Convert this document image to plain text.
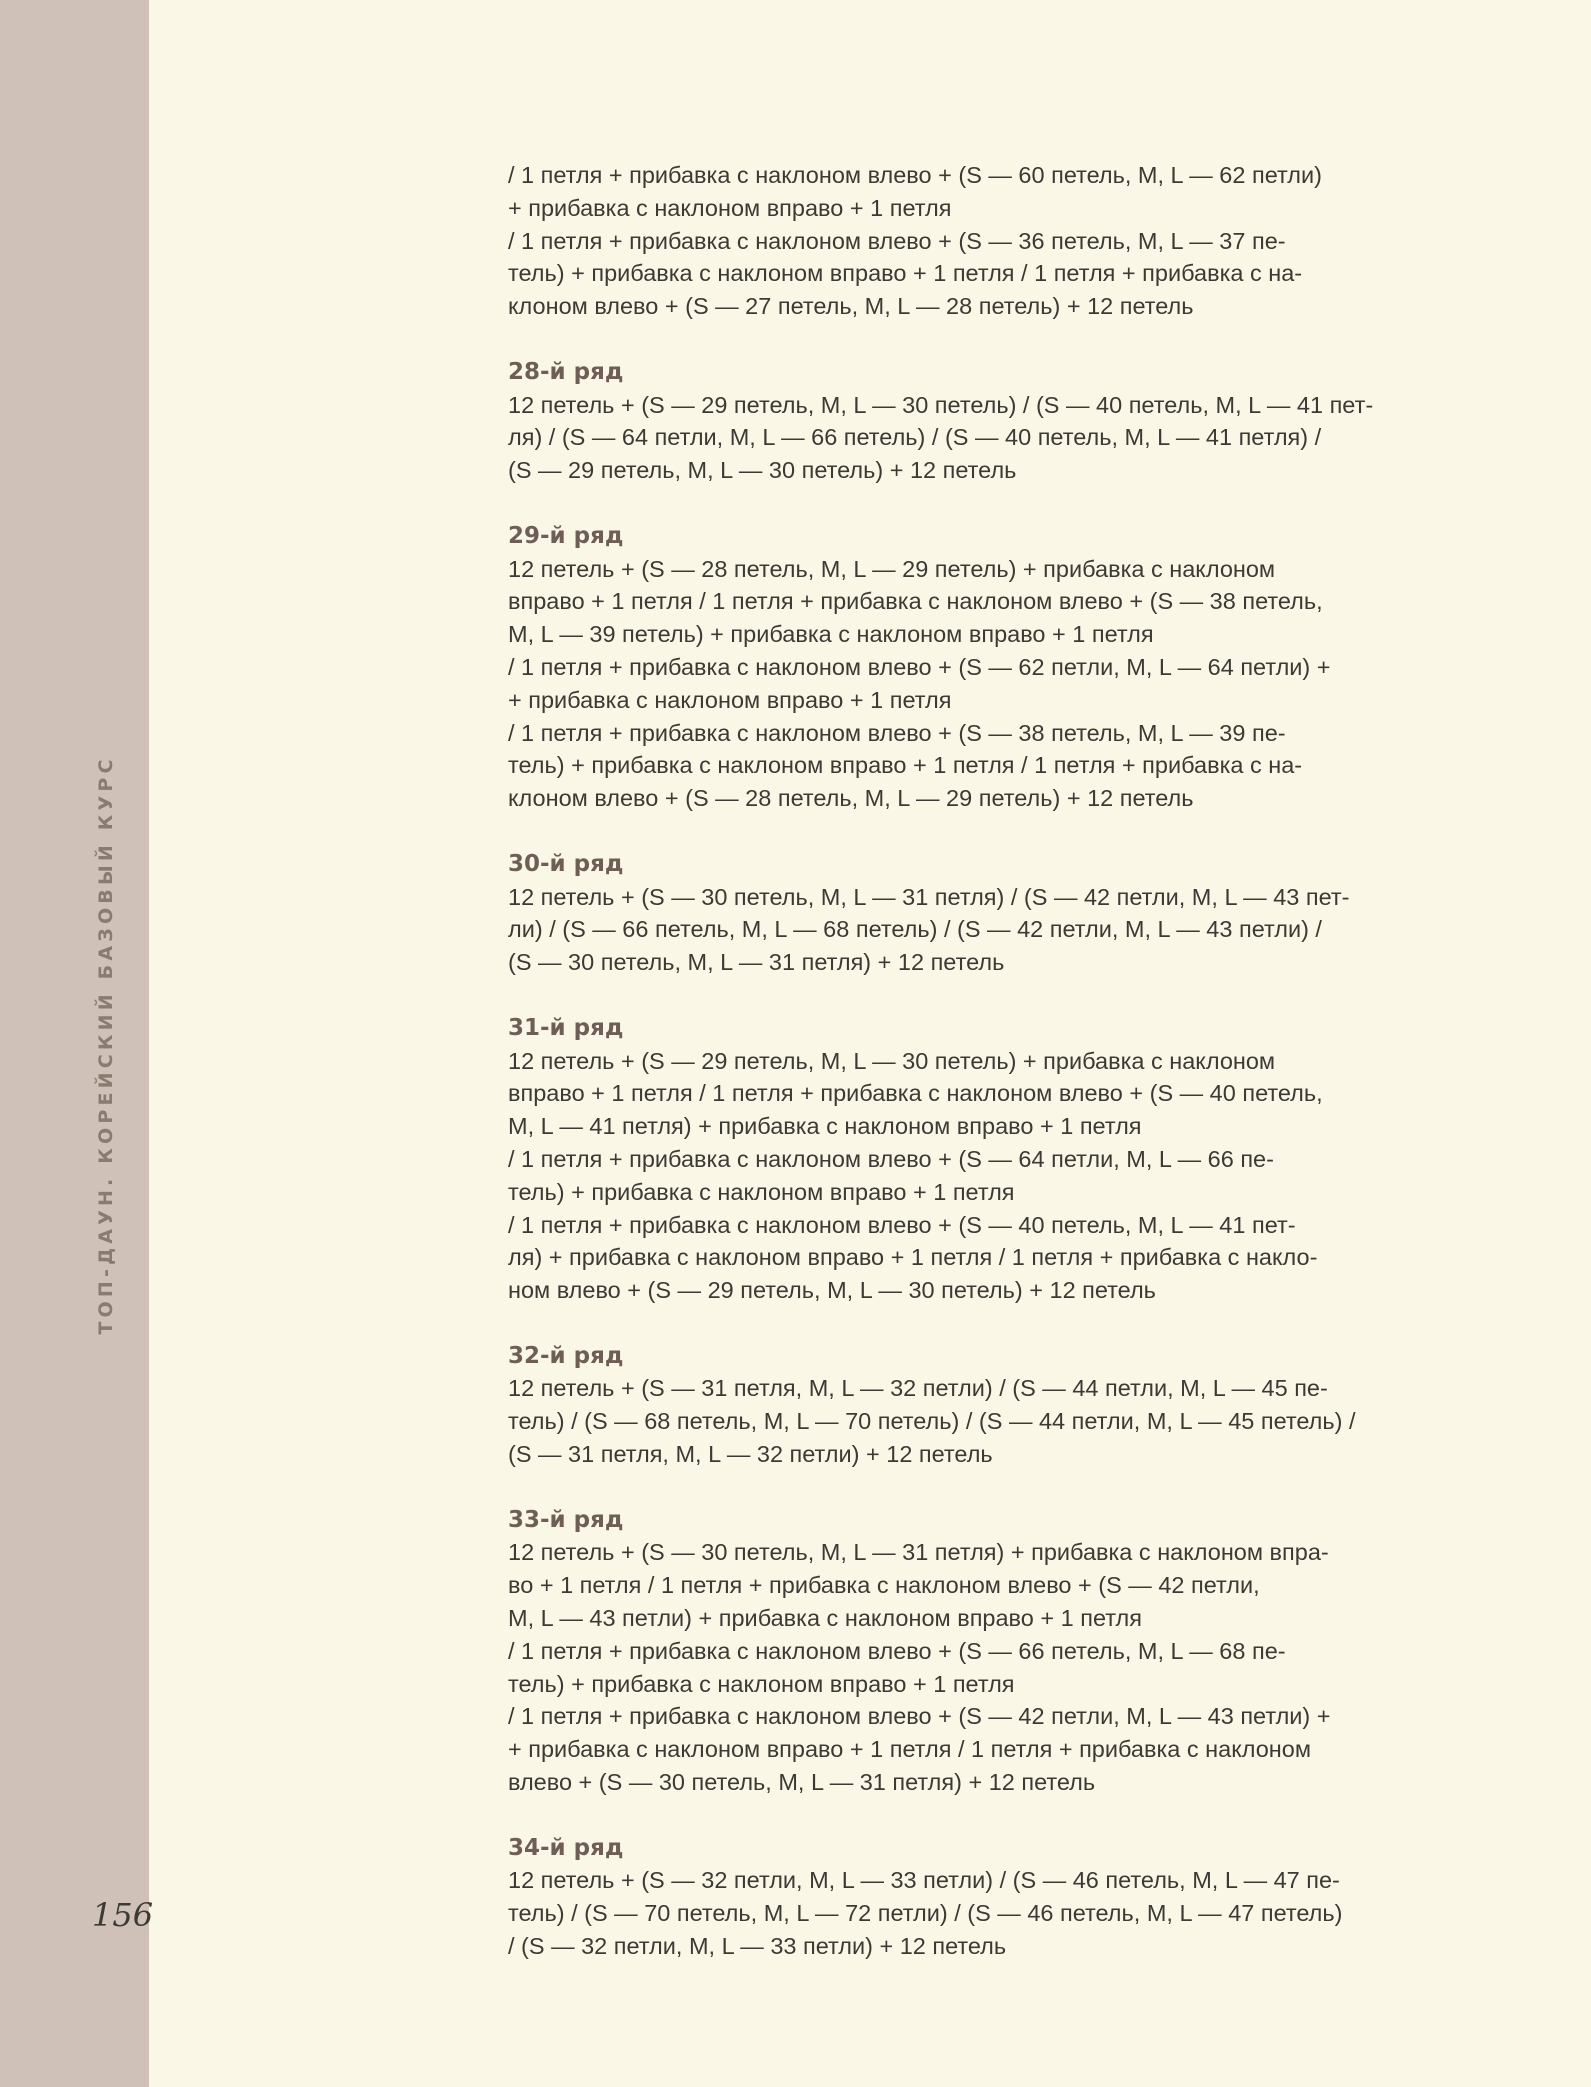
ТОП-ДАУН. КОРЕЙСКИЙ БАЗОВЫЙ КУРС
156
/ 1 петля + прибавка с наклоном влево + (S — 60 петель, M, L — 62 петли)
+ прибавка с наклоном вправо + 1 петля
/ 1 петля + прибавка с наклоном влево + (S — 36 петель, M, L — 37 пе-
тель) + прибавка с наклоном вправо + 1 петля / 1 петля + прибавка с на-
клоном влево + (S — 27 петель, M, L — 28 петель) + 12 петель
28-й ряд
12 петель + (S — 29 петель, M, L — 30 петель) / (S — 40 петель, M, L — 41 пет-
ля) / (S — 64 петли, M, L — 66 петель) / (S — 40 петель, M, L — 41 петля) /
(S — 29 петель, M, L — 30 петель) + 12 петель
29-й ряд
12 петель + (S — 28 петель, M, L — 29 петель) + прибавка с наклоном
вправо + 1 петля / 1 петля + прибавка с наклоном влево + (S — 38 петель,
M, L — 39 петель) + прибавка с наклоном вправо + 1 петля
/ 1 петля + прибавка с наклоном влево + (S — 62 петли, M, L — 64 петли) +
+ прибавка с наклоном вправо + 1 петля
/ 1 петля + прибавка с наклоном влево + (S — 38 петель, M, L — 39 пе-
тель) + прибавка с наклоном вправо + 1 петля / 1 петля + прибавка с на-
клоном влево + (S — 28 петель, M, L — 29 петель) + 12 петель
30-й ряд
12 петель + (S — 30 петель, M, L — 31 петля) / (S — 42 петли, M, L — 43 пет-
ли) / (S — 66 петель, M, L — 68 петель) / (S — 42 петли, M, L — 43 петли) /
(S — 30 петель, M, L — 31 петля) + 12 петель
31-й ряд
12 петель + (S — 29 петель, M, L — 30 петель) + прибавка с наклоном
вправо + 1 петля / 1 петля + прибавка с наклоном влево + (S — 40 петель,
M, L — 41 петля) + прибавка с наклоном вправо + 1 петля
/ 1 петля + прибавка с наклоном влево + (S — 64 петли, M, L — 66 пе-
тель) + прибавка с наклоном вправо + 1 петля
/ 1 петля + прибавка с наклоном влево + (S — 40 петель, M, L — 41 пет-
ля) + прибавка с наклоном вправо + 1 петля / 1 петля + прибавка с накло-
ном влево + (S — 29 петель, M, L — 30 петель) + 12 петель
32-й ряд
12 петель + (S — 31 петля, M, L — 32 петли) / (S — 44 петли, M, L — 45 пе-
тель) / (S — 68 петель, M, L — 70 петель) / (S — 44 петли, M, L — 45 петель) /
(S — 31 петля, M, L — 32 петли) + 12 петель
33-й ряд
12 петель + (S — 30 петель, M, L — 31 петля) + прибавка с наклоном впра-
во + 1 петля / 1 петля + прибавка с наклоном влево + (S — 42 петли,
M, L — 43 петли) + прибавка с наклоном вправо + 1 петля
/ 1 петля + прибавка с наклоном влево + (S — 66 петель, M, L — 68 пе-
тель) + прибавка с наклоном вправо + 1 петля
/ 1 петля + прибавка с наклоном влево + (S — 42 петли, M, L — 43 петли) +
+ прибавка с наклоном вправо + 1 петля / 1 петля + прибавка с наклоном
влево + (S — 30 петель, M, L — 31 петля) + 12 петель
34-й ряд
12 петель + (S — 32 петли, M, L — 33 петли) / (S — 46 петель, M, L — 47 пе-
тель) / (S — 70 петель, M, L — 72 петли) / (S — 46 петель, M, L — 47 петель)
/ (S — 32 петли, M, L — 33 петли) + 12 петель
